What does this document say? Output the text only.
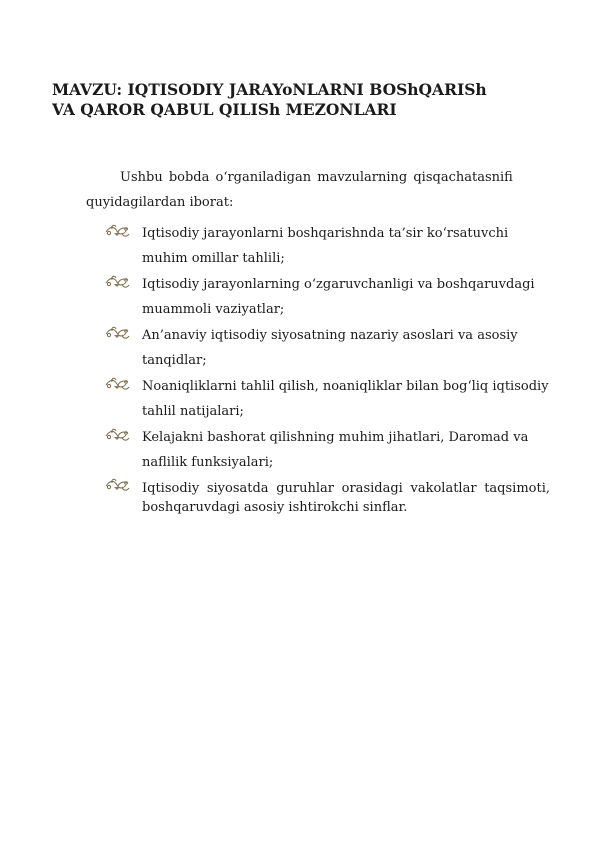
MAVZU: IQTISODIY JARAYoNLARNI BOShQARISh
VA QAROR QABUL QILISh MEZONLARI
Ushbu bobda o‘rganiladigan mavzularning qisqachatasnifi
quyidagilardan iborat:
Iqtisodiy jarayonlarni boshqarishnda ta’sir ko‘rsatuvchi muhim omillar tahlili;
Iqtisodiy jarayonlarning o‘zgaruvchanligi va boshqaruvdagi muammoli vaziyatlar;
An’anaviy iqtisodiy siyosatning nazariy asoslari va asosiy tanqidlar;
Noaniqliklarni tahlil qilish, noaniqliklar bilan bog‘liq iqtisodiy tahlil natijalari;
Kelajakni bashorat qilishning muhim jihatlari, Daromad va naflilik funksiyalari;
Iqtisodiy siyosatda guruhlar orasidagi vakolatlar taqsimoti, boshqaruvdagi asosiy ishtirokchi sinflar.
